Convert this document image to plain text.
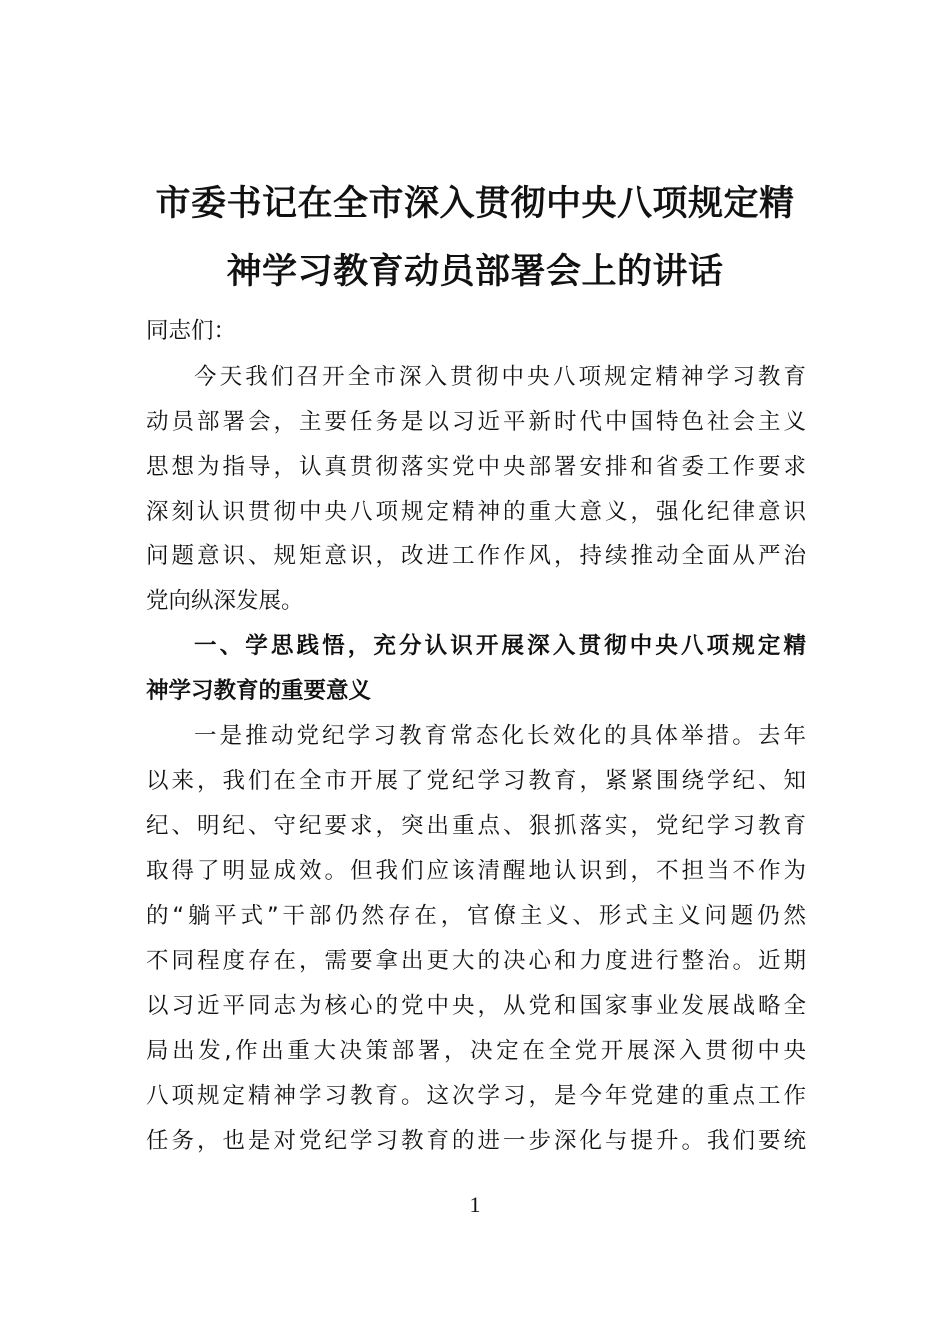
市委书记在全市深入贯彻中央八项规定精
神学习教育动员部署会上的讲话
同志们：
今天我们召开全市深入贯彻中央八项规定精神学习教育
动员部署会，主要任务是以习近平新时代中国特色社会主义
思想为指导，认真贯彻落实党中央部署安排和省委工作要求
深刻认识贯彻中央八项规定精神的重大意义，强化纪律意识
问题意识、规矩意识，改进工作作风，持续推动全面从严治
党向纵深发展。
一、学思践悟，充分认识开展深入贯彻中央八项规定精
神学习教育的重要意义
一是推动党纪学习教育常态化长效化的具体举措。去年
以来，我们在全市开展了党纪学习教育，紧紧围绕学纪、知
纪、明纪、守纪要求，突出重点、狠抓落实，党纪学习教育
取得了明显成效。但我们应该清醒地认识到，不担当不作为
的“躺平式”干部仍然存在，官僚主义、形式主义问题仍然
不同程度存在，需要拿出更大的决心和力度进行整治。近期
以习近平同志为核心的党中央，从党和国家事业发展战略全
局出发,作出重大决策部署，决定在全党开展深入贯彻中央
八项规定精神学习教育。这次学习，是今年党建的重点工作
任务，也是对党纪学习教育的进一步深化与提升。我们要统
1
